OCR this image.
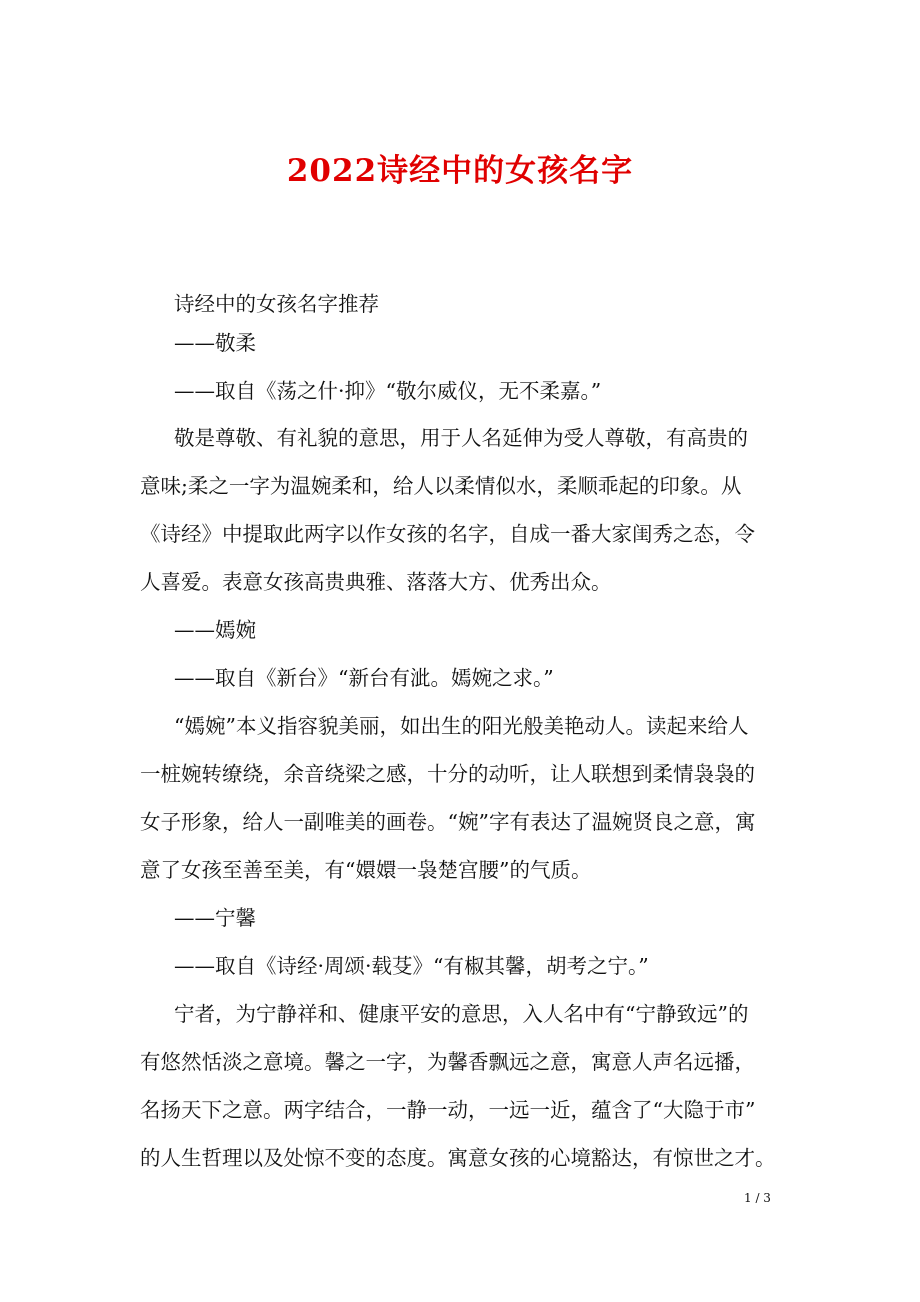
2022诗经中的女孩名字

诗经中的女孩名字推荐

——敬柔

——取自《荡之什·抑》“敬尔威仪，无不柔嘉。”

敬是尊敬、有礼貌的意思，用于人名延伸为受人尊敬，有高贵的

意味;柔之一字为温婉柔和，给人以柔情似水，柔顺乖起的印象。从

《诗经》中提取此两字以作女孩的名字，自成一番大家闺秀之态，令

人喜爱。表意女孩高贵典雅、落落大方、优秀出众。

——嫣婉

——取自《新台》“新台有泚。嫣婉之求。”

“嫣婉”本义指容貌美丽，如出生的阳光般美艳动人。读起来给人

一桩婉转缭绕，余音绕梁之感，十分的动听，让人联想到柔情袅袅的

女子形象，给人一副唯美的画卷。“婉”字有表达了温婉贤良之意，寓

意了女孩至善至美，有“嬛嬛一袅楚宫腰”的气质。

——宁馨

——取自《诗经·周颂·载芟》“有椒其馨，胡考之宁。”

宁者，为宁静祥和、健康平安的意思，入人名中有“宁静致远”的

有悠然恬淡之意境。馨之一字，为馨香飘远之意，寓意人声名远播，

名扬天下之意。两字结合，一静一动，一远一近，蕴含了“大隐于市”

的人生哲理以及处惊不变的态度。寓意女孩的心境豁达，有惊世之才。

1 / 3
